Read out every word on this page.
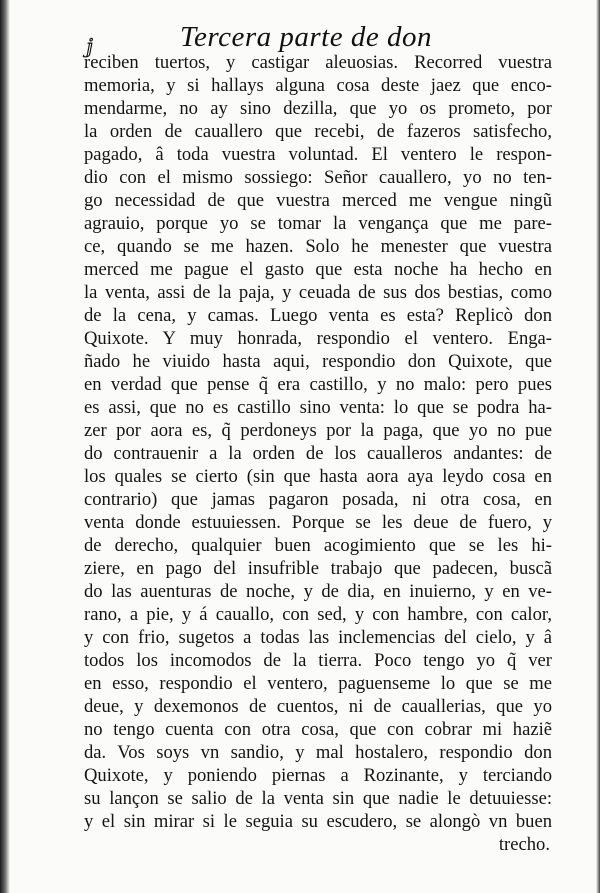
ⅉ	Tercera parte de don
reciben tuertos, y castigar aleuosias. Recorred vuestra
memoria, y si hallays alguna cosa deste jaez que enco-
mendarme, no ay sino dezilla, que yo os prometo, por
la orden de cauallero que recebi, de fazeros satisfecho,
pagado, â toda vuestra voluntad. El ventero le respon-
dio con el mismo sossiego: Señor cauallero, yo no ten-
go necessidad de que vuestra merced me vengue ningũ
agrauio, porque yo se tomar la vengança que me pare-
ce, quando se me hazen. Solo he menester que vuestra
merced me pague el gasto que esta noche ha hecho en
la venta, assi de la paja, y ceuada de sus dos bestias, como
de la cena, y camas. Luego venta es esta? Replicò don
Quixote. Y muy honrada, respondio el ventero. Enga-
ñado he viuido hasta aqui, respondio don Quixote, que
en verdad que pense q̃ era castillo, y no malo: pero pues
es assi, que no es castillo sino venta: lo que se podra ha-
zer por aora es, q̃ perdoneys por la paga, que yo no pue
do contrauenir a la orden de los caualleros andantes: de
los quales se cierto (sin que hasta aora aya leydo cosa en
contrario) que jamas pagaron posada, ni otra cosa, en
venta donde estuuiessen. Porque se les deue de fuero, y
de derecho, qualquier buen acogimiento que se les hi-
ziere, en pago del insufrible trabajo que padecen, buscã
do las auenturas de noche, y de dia, en inuierno, y en ve-
rano, a pie, y á cauallo, con sed, y con hambre, con calor,
y con frio, sugetos a todas las inclemencias del cielo, y â
todos los incomodos de la tierra. Poco tengo yo q̃ ver
en esso, respondio el ventero, paguenseme lo que se me
deue, y dexemonos de cuentos, ni de cauallerias, que yo
no tengo cuenta con otra cosa, que con cobrar mi haziẽ
da. Vos soys vn sandio, y mal hostalero, respondio don
Quixote, y poniendo piernas a Rozinante, y terciando
su lançon se salio de la venta sin que nadie le detuuiesse:
y el sin mirar si le seguia su escudero, se alongò vn buen
trecho.
